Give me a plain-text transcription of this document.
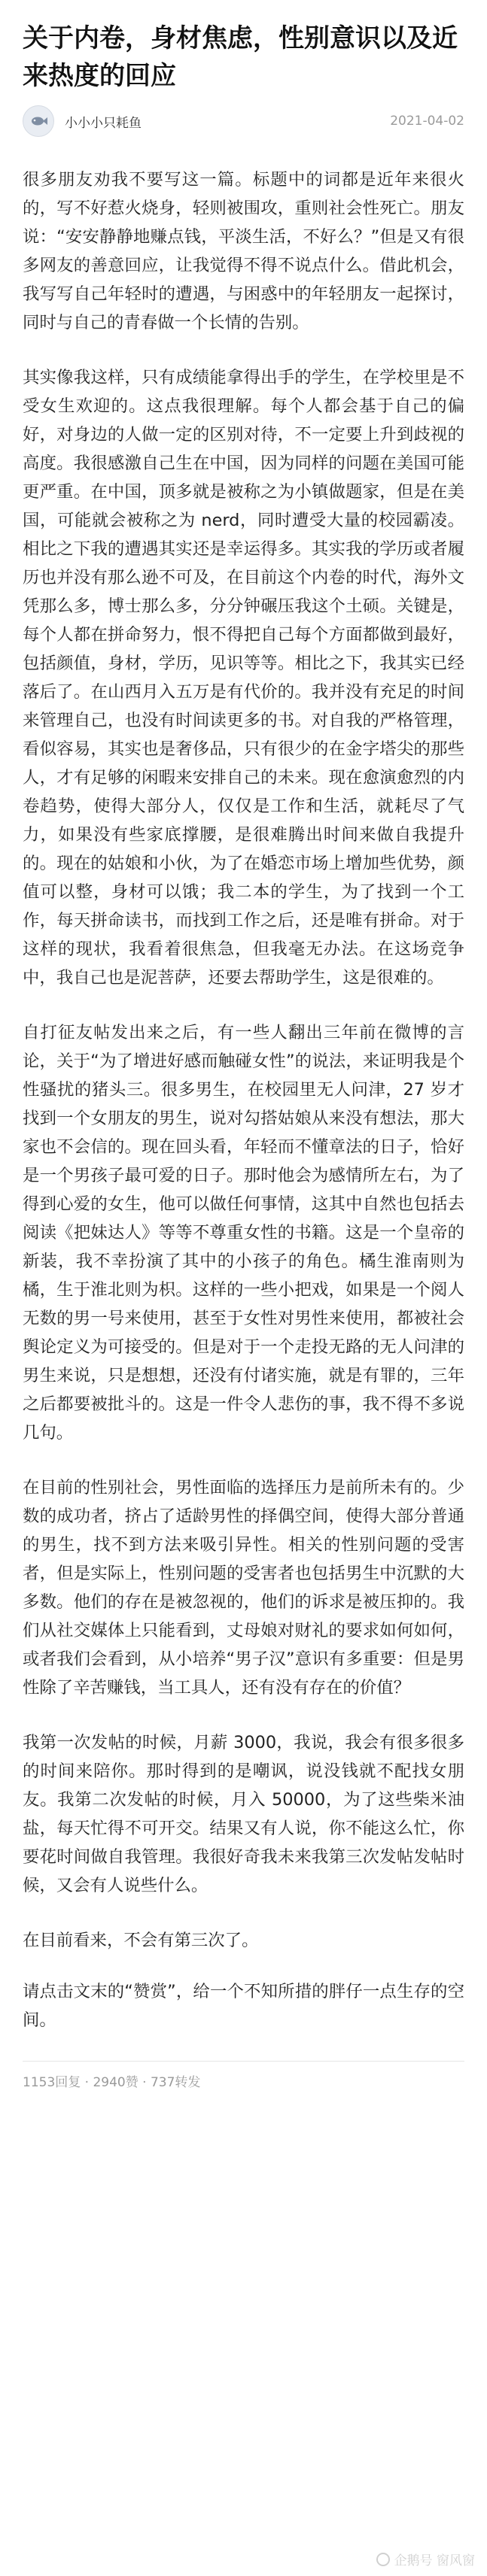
关于内卷，身材焦虑，性别意识以及近来热度的回应
小小小只耗鱼	2021-04-02

很多朋友劝我不要写这一篇。标题中的词都是近年来很火的，写不好惹火烧身，轻则被围攻，重则社会性死亡。朋友说：“安安静静地赚点钱，平淡生活，不好么？”但是又有很多网友的善意回应，让我觉得不得不说点什么。借此机会，我写写自己年轻时的遭遇，与困惑中的年轻朋友一起探讨，同时与自己的青春做一个长情的告别。

其实像我这样，只有成绩能拿得出手的学生，在学校里是不受女生欢迎的。这点我很理解。每个人都会基于自己的偏好，对身边的人做一定的区别对待，不一定要上升到歧视的高度。我很感激自己生在中国，因为同样的问题在美国可能更严重。在中国，顶多就是被称之为小镇做题家，但是在美国，可能就会被称之为 nerd，同时遭受大量的校园霸凌。相比之下我的遭遇其实还是幸运得多。其实我的学历或者履历也并没有那么逊不可及，在目前这个内卷的时代，海外文凭那么多，博士那么多，分分钟碾压我这个土硕。关键是，每个人都在拼命努力，恨不得把自己每个方面都做到最好，包括颜值，身材，学历，见识等等。相比之下，我其实已经落后了。在山西月入五万是有代价的。我并没有充足的时间来管理自己，也没有时间读更多的书。对自我的严格管理，看似容易，其实也是奢侈品，只有很少的在金字塔尖的那些人，才有足够的闲暇来安排自己的未来。现在愈演愈烈的内卷趋势，使得大部分人，仅仅是工作和生活，就耗尽了气力，如果没有些家底撑腰，是很难腾出时间来做自我提升的。现在的姑娘和小伙，为了在婚恋市场上增加些优势，颜值可以整，身材可以饿；我二本的学生，为了找到一个工作，每天拼命读书，而找到工作之后，还是唯有拼命。对于这样的现状，我看着很焦急，但我毫无办法。在这场竞争中，我自己也是泥菩萨，还要去帮助学生，这是很难的。

自打征友帖发出来之后，有一些人翻出三年前在微博的言论，关于“为了增进好感而触碰女性”的说法，来证明我是个性骚扰的猪头三。很多男生，在校园里无人问津，27 岁才找到一个女朋友的男生，说对勾搭姑娘从来没有想法，那大家也不会信的。现在回头看，年轻而不懂章法的日子，恰好是一个男孩子最可爱的日子。那时他会为感情所左右，为了得到心爱的女生，他可以做任何事情，这其中自然也包括去阅读《把妹达人》等等不尊重女性的书籍。这是一个皇帝的新装，我不幸扮演了其中的小孩子的角色。橘生淮南则为橘，生于淮北则为枳。这样的一些小把戏，如果是一个阅人无数的男一号来使用，甚至于女性对男性来使用，都被社会舆论定义为可接受的。但是对于一个走投无路的无人问津的男生来说，只是想想，还没有付诸实施，就是有罪的，三年之后都要被批斗的。这是一件令人悲伤的事，我不得不多说几句。

在目前的性别社会，男性面临的选择压力是前所未有的。少数的成功者，挤占了适龄男性的择偶空间，使得大部分普通的男生，找不到方法来吸引异性。相关的性别问题的受害者，但是实际上，性别问题的受害者也包括男生中沉默的大多数。他们的存在是被忽视的，他们的诉求是被压抑的。我们从社交媒体上只能看到，丈母娘对财礼的要求如何如何，或者我们会看到，从小培养“男子汉”意识有多重要：但是男性除了辛苦赚钱，当工具人，还有没有存在的价值？

我第一次发帖的时候，月薪 3000，我说，我会有很多很多的时间来陪你。那时得到的是嘲讽，说没钱就不配找女朋友。我第二次发帖的时候，月入 50000，为了这些柴米油盐，每天忙得不可开交。结果又有人说，你不能这么忙，你要花时间做自我管理。我很好奇我未来我第三次发帖发帖时候，又会有人说些什么。

在目前看来，不会有第三次了。

请点击文末的“赞赏”，给一个不知所措的胖仔一点生存的空间。

1153回复 · 2940赞 · 737转发
企鹅号 窗风窗
